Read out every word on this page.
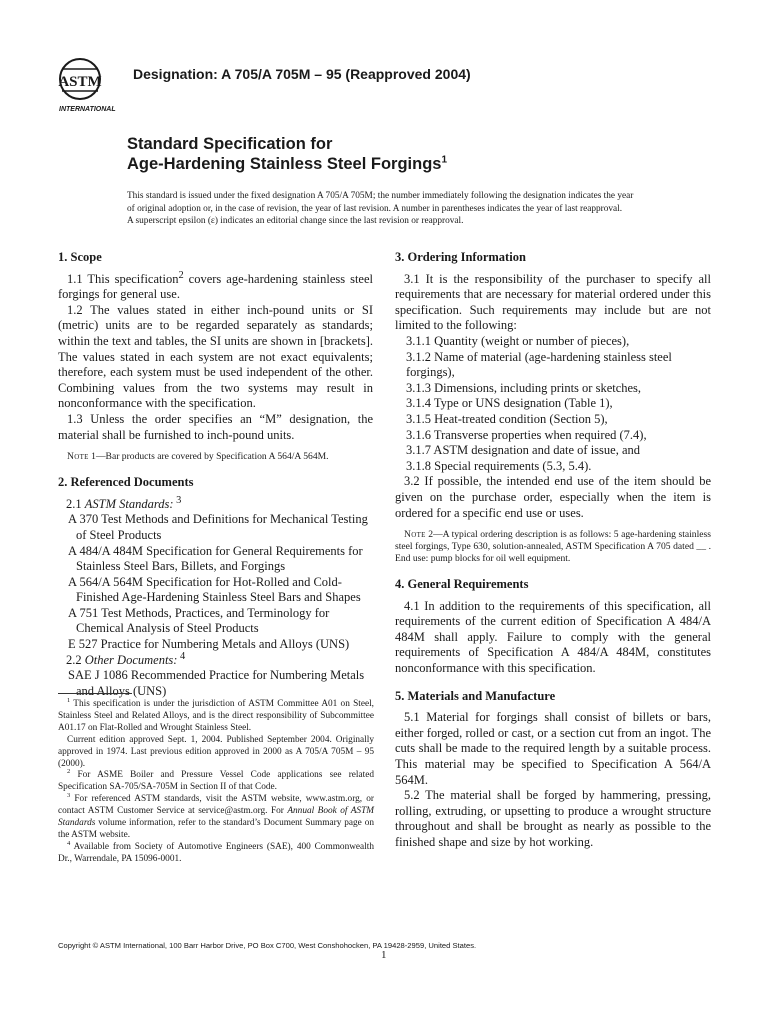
ASTM
INTERNATIONAL
Designation: A 705/A 705M – 95 (Reapproved 2004)
Standard Specification for
Age-Hardening Stainless Steel Forgings$^1$
This standard is issued under the fixed designation A 705/A 705M; the number immediately following the designation indicates the year
of original adoption or, in the case of revision, the year of last revision. A number in parentheses indicates the year of last reapproval.
A superscript epsilon (ε) indicates an editorial change since the last revision or reapproval.
1. Scope

1.1 This specification$^2$ covers age-hardening stainless steel forgings for general use.

1.2 The values stated in either inch-pound units or SI (metric) units are to be regarded separately as standards; within the text and tables, the SI units are shown in [brackets]. The values stated in each system are not exact equivalents; therefore, each system must be used independent of the other. Combining values from the two systems may result in nonconformance with the specification.

1.3 Unless the order specifies an “M” designation, the material shall be furnished to inch-pound units.

Note 1—Bar products are covered by Specification A 564/A 564M.

2. Referenced Documents

2.1 ASTM Standards: $^3$

A 370 Test Methods and Definitions for Mechanical Testing of Steel Products

A 484/A 484M Specification for General Requirements for Stainless Steel Bars, Billets, and Forgings

A 564/A 564M Specification for Hot-Rolled and Cold-Finished Age-Hardening Stainless Steel Bars and Shapes

A 751 Test Methods, Practices, and Terminology for Chemical Analysis of Steel Products

E 527 Practice for Numbering Metals and Alloys (UNS)

2.2 Other Documents: $^4$

SAE J 1086 Recommended Practice for Numbering Metals and Alloys (UNS)

$^1$ This specification is under the jurisdiction of ASTM Committee A01 on Steel, Stainless Steel and Related Alloys, and is the direct responsibility of Subcommittee A01.17 on Flat-Rolled and Wrought Stainless Steel.

Current edition approved Sept. 1, 2004. Published September 2004. Originally approved in 1974. Last previous edition approved in 2000 as A 705/A 705M – 95 (2000).

$^2$ For ASME Boiler and Pressure Vessel Code applications see related Specification SA-705/SA-705M in Section II of that Code.

$^3$ For referenced ASTM standards, visit the ASTM website, www.astm.org, or contact ASTM Customer Service at service@astm.org. For Annual Book of ASTM Standards volume information, refer to the standard’s Document Summary page on the ASTM website.

$^4$ Available from Society of Automotive Engineers (SAE), 400 Commonwealth Dr., Warrendale, PA 15096-0001.

3. Ordering Information

3.1 It is the responsibility of the purchaser to specify all requirements that are necessary for material ordered under this specification. Such requirements may include but are not limited to the following:

3.1.1 Quantity (weight or number of pieces),

3.1.2 Name of material (age-hardening stainless steel forgings),

3.1.3 Dimensions, including prints or sketches,

3.1.4 Type or UNS designation (Table 1),

3.1.5 Heat-treated condition (Section 5),

3.1.6 Transverse properties when required (7.4),

3.1.7 ASTM designation and date of issue, and

3.1.8 Special requirements (5.3, 5.4).

3.2 If possible, the intended end use of the item should be given on the purchase order, especially when the item is ordered for a specific end use or uses.

Note 2—A typical ordering description is as follows: 5 age-hardening stainless steel forgings, Type 630, solution-annealed, ASTM Specification A 705 dated __ . End use: pump blocks for oil well equipment.

4. General Requirements

4.1 In addition to the requirements of this specification, all requirements of the current edition of Specification A 484/A 484M shall apply. Failure to comply with the general requirements of Specification A 484/A 484M, constitutes nonconformance with this specification.

5. Materials and Manufacture

5.1 Material for forgings shall consist of billets or bars, either forged, rolled or cast, or a section cut from an ingot. The cuts shall be made to the required length by a suitable process. This material may be specified to Specification A 564/A 564M.

5.2 The material shall be forged by hammering, pressing, rolling, extruding, or upsetting to produce a wrought structure throughout and shall be brought as nearly as possible to the finished shape and size by hot working.

Copyright © ASTM International, 100 Barr Harbor Drive, PO Box C700, West Conshohocken, PA 19428-2959, United States.
1
